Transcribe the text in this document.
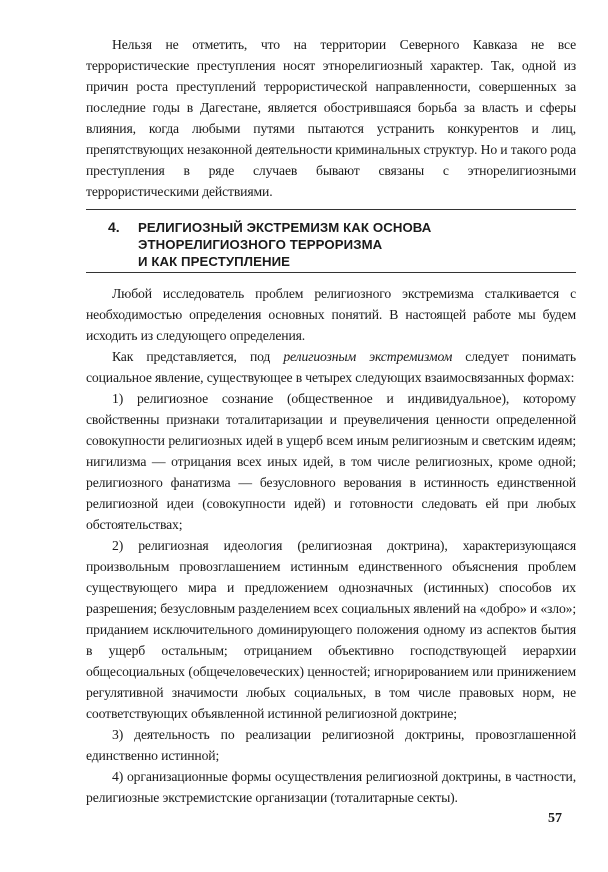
Нельзя не отметить, что на территории Северного Кавказа не все террористические преступления носят этнорелигиозный характер. Так, одной из причин роста преступлений террористической направленности, совершенных за последние годы в Дагестане, является обострившаяся борьба за власть и сферы влияния, когда любыми путями пытаются устранить конкурентов и лиц, препятствующих незаконной деятельности криминальных структур. Но и такого рода преступления в ряде случаев бывают связаны с этнорелигиозными террористическими действиями.

4. РЕЛИГИОЗНЫЙ ЭКСТРЕМИЗМ КАК ОСНОВА
ЭТНОРЕЛИГИОЗНОГО ТЕРРОРИЗМА
И КАК ПРЕСТУПЛЕНИЕ

Любой исследователь проблем религиозного экстремизма сталкивается с необходимостью определения основных понятий. В настоящей работе мы будем исходить из следующего определения.

Как представляется, под религиозным экстремизмом следует понимать социальное явление, существующее в четырех следующих взаимосвязанных формах:

1) религиозное сознание (общественное и индивидуальное), которому свойственны признаки тоталитаризации и преувеличения ценности определенной совокупности религиозных идей в ущерб всем иным религиозным и светским идеям; нигилизма — отрицания всех иных идей, в том числе религиозных, кроме одной; религиозного фанатизма — безусловного верования в истинность единственной религиозной идеи (совокупности идей) и готовности следовать ей при любых обстоятельствах;

2) религиозная идеология (религиозная доктрина), характеризующаяся произвольным провозглашением истинным единственного объяснения проблем существующего мира и предложением однозначных (истинных) способов их разрешения; безусловным разделением всех социальных явлений на «добро» и «зло»; приданием исключительного доминирующего положения одному из аспектов бытия в ущерб остальным; отрицанием объективно господствующей иерархии общесоциальных (общечеловеческих) ценностей; игнорированием или принижением регулятивной значимости любых социальных, в том числе правовых норм, не соответствующих объявленной истинной религиозной доктрине;

3) деятельность по реализации религиозной доктрины, провозглашенной единственно истинной;

4) организационные формы осуществления религиозной доктрины, в частности, религиозные экстремистские организации (тоталитарные секты).

57
